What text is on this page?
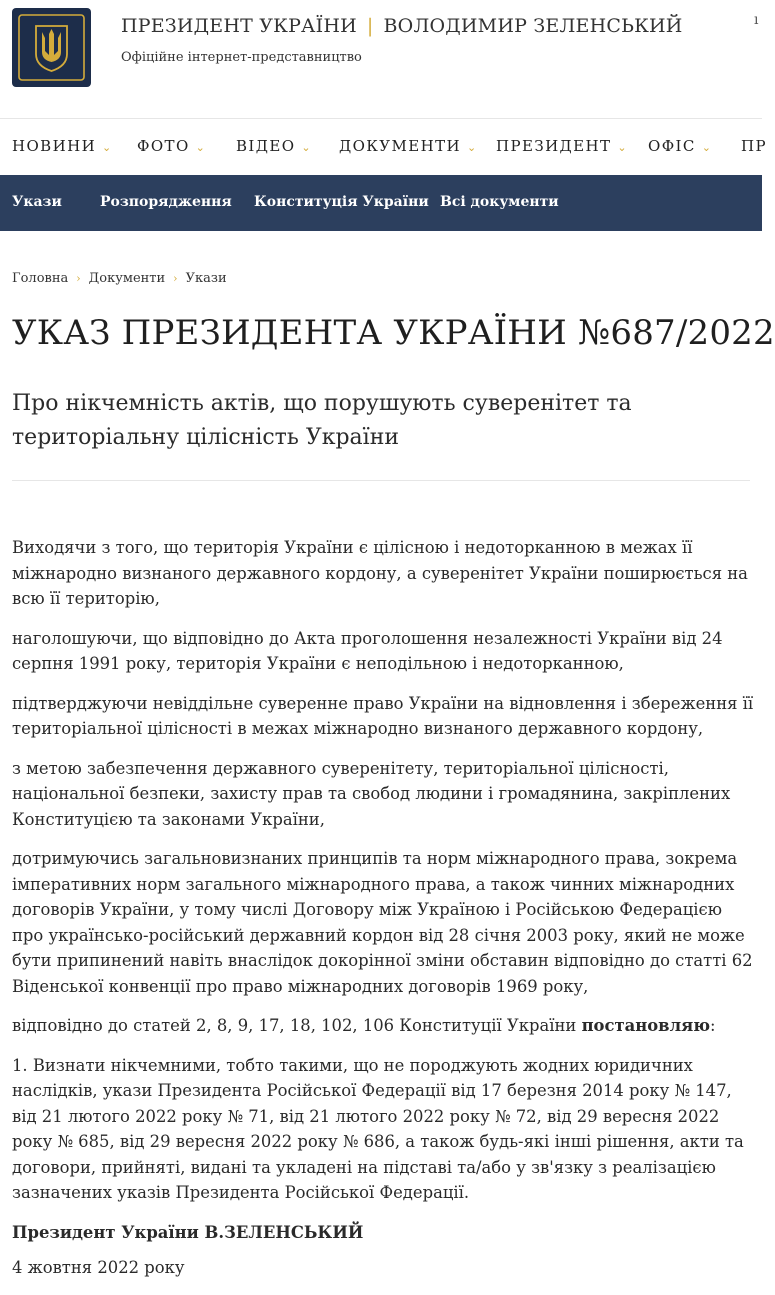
ПРЕЗИДЕНТ УКРАЇНИ | ВОЛОДИМИР ЗЕЛЕНСЬКИЙ
Офіційне інтернет-представництво
ı
НОВИНИ ⌄ ФОТО ⌄ ВІДЕО ⌄ ДОКУМЕНТИ ⌄ ПРЕЗИДЕНТ ⌄ ОФІС ⌄ ПР
Укази	Розпорядження Конституція України Всі документи
Головна › Документи › Укази
УКАЗ ПРЕЗИДЕНТА УКРАЇНИ №687/2022

Про нікчемність актів, що порушують суверенітет та територіальну цілісність України

Виходячи з того, що територія України є цілісною і недоторканною в межах її міжнародно визнаного державного кордону, а суверенітет України поширюється на всю її територію,

наголошуючи, що відповідно до Акта проголошення незалежності України від 24 серпня 1991 року, територія України є неподільною і недоторканною,

підтверджуючи невіддільне суверенне право України на відновлення і збереження її територіальної цілісності в межах міжнародно визнаного державного кордону,

з метою забезпечення державного суверенітету, територіальної цілісності, національної безпеки, захисту прав та свобод людини і громадянина, закріплених Конституцією та законами України,

дотримуючись загальновизнаних принципів та норм міжнародного права, зокрема імперативних норм загального міжнародного права, а також чинних міжнародних договорів України, у тому числі Договору між Україною і Російською Федерацією про українсько-російський державний кордон від 28 січня 2003 року, який не може бути припинений навіть внаслідок докорінної зміни обставин відповідно до статті 62 Віденської конвенції про право міжнародних договорів 1969 року,

відповідно до статей 2, 8, 9, 17, 18, 102, 106 Конституції України постановляю:

1. Визнати нікчемними, тобто такими, що не породжують жодних юридичних наслідків, укази Президента Російської Федерації від 17 березня 2014 року № 147, від 21 лютого 2022 року № 71, від 21 лютого 2022 року № 72, від 29 вересня 2022 року № 685, від 29 вересня 2022 року № 686, а також будь-які інші рішення, акти та договори, прийняті, видані та укладені на підставі та/або у зв'язку з реалізацією зазначених указів Президента Російської Федерації.

Президент України В.ЗЕЛЕНСЬКИЙ

4 жовтня 2022 року
